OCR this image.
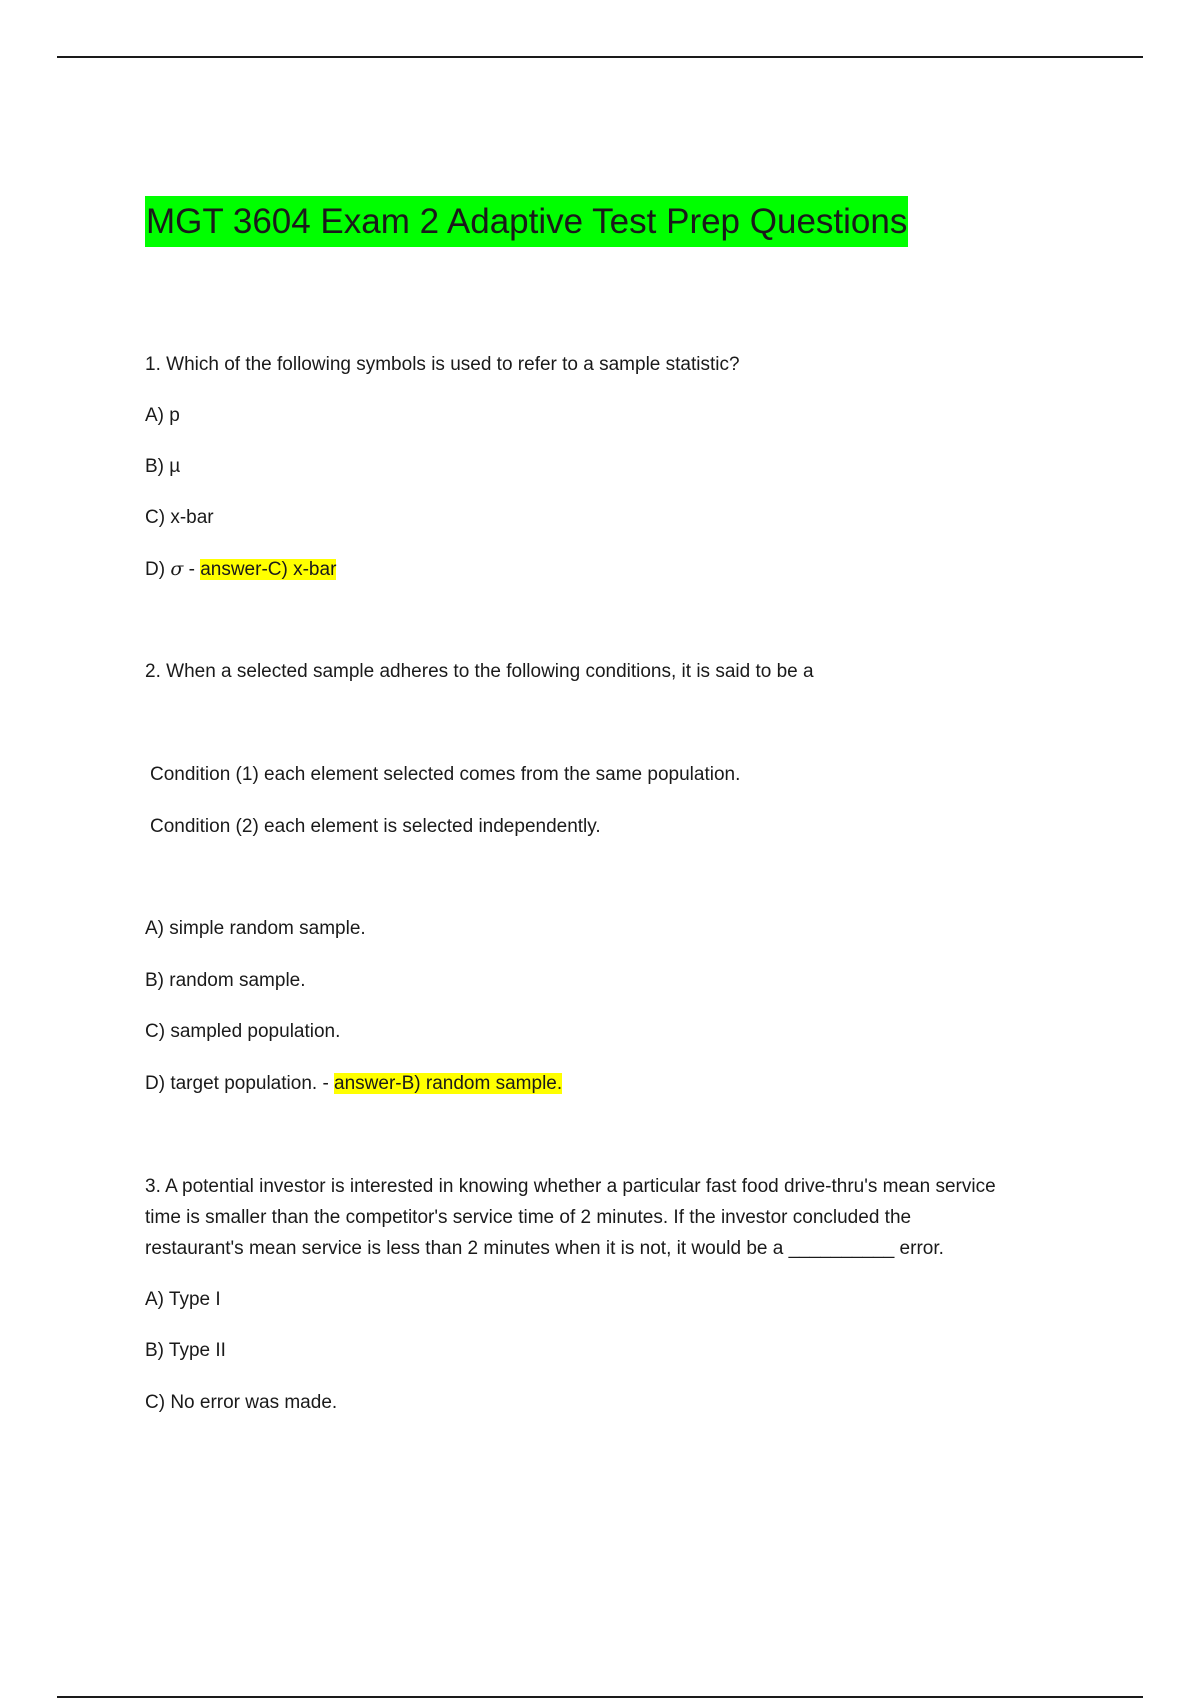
MGT 3604 Exam 2 Adaptive Test Prep Questions
1. Which of the following symbols is used to refer to a sample statistic?
A) p
B) µ
C) x-bar
D) σ - answer-C) x-bar
2. When a selected sample adheres to the following conditions, it is said to be a
Condition (1) each element selected comes from the same population.
Condition (2) each element is selected independently.
A) simple random sample.
B) random sample.
C) sampled population.
D) target population. - answer-B) random sample.
3. A potential investor is interested in knowing whether a particular fast food drive-thru's mean service
time is smaller than the competitor's service time of 2 minutes. If the investor concluded the
restaurant's mean service is less than 2 minutes when it is not, it would be a __________ error.
A) Type I
B) Type II
C) No error was made.
